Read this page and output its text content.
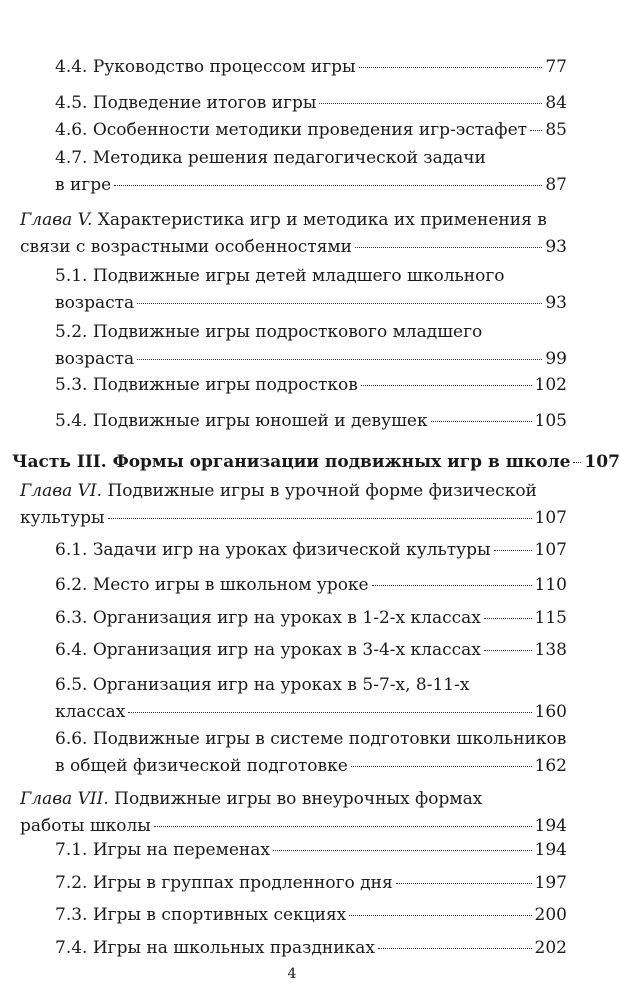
4.4. Руководство процессом игры	77
4.5. Подведение итогов игры	84
4.6. Особенности методики проведения игр-эстафет 85
4.7. Методика решения педагогической задачи
в игре	87
Глава V. Характеристика игр и методика их применения в
связи с возрастными особенностями	93
5.1. Подвижные игры детей младшего школьного
возраста	93
5.2. Подвижные игры подросткового младшего
возраста	99
5.3. Подвижные игры подростков	102
5.4. Подвижные игры юношей и девушек	105
Часть III. Формы организации подвижных игр в школе 107
Глава VI. Подвижные игры в урочной форме физической
культуры	107
6.1. Задачи игр на уроках физической культуры	107
6.2. Место игры в школьном уроке	110
6.3. Организация игр на уроках в 1-2-х классах	115
6.4. Организация игр на уроках в 3-4-х классах	138
6.5. Организация игр на уроках в 5-7-х, 8-11-х
классах	160
6.6. Подвижные игры в системе подготовки школьников
в общей физической подготовке	162
Глава VII. Подвижные игры во внеурочных формах
работы школы	194
7.1. Игры на переменах	194
7.2. Игры в группах продленного дня	197
7.3. Игры в спортивных секциях	200
7.4. Игры на школьных праздниках	202
4
